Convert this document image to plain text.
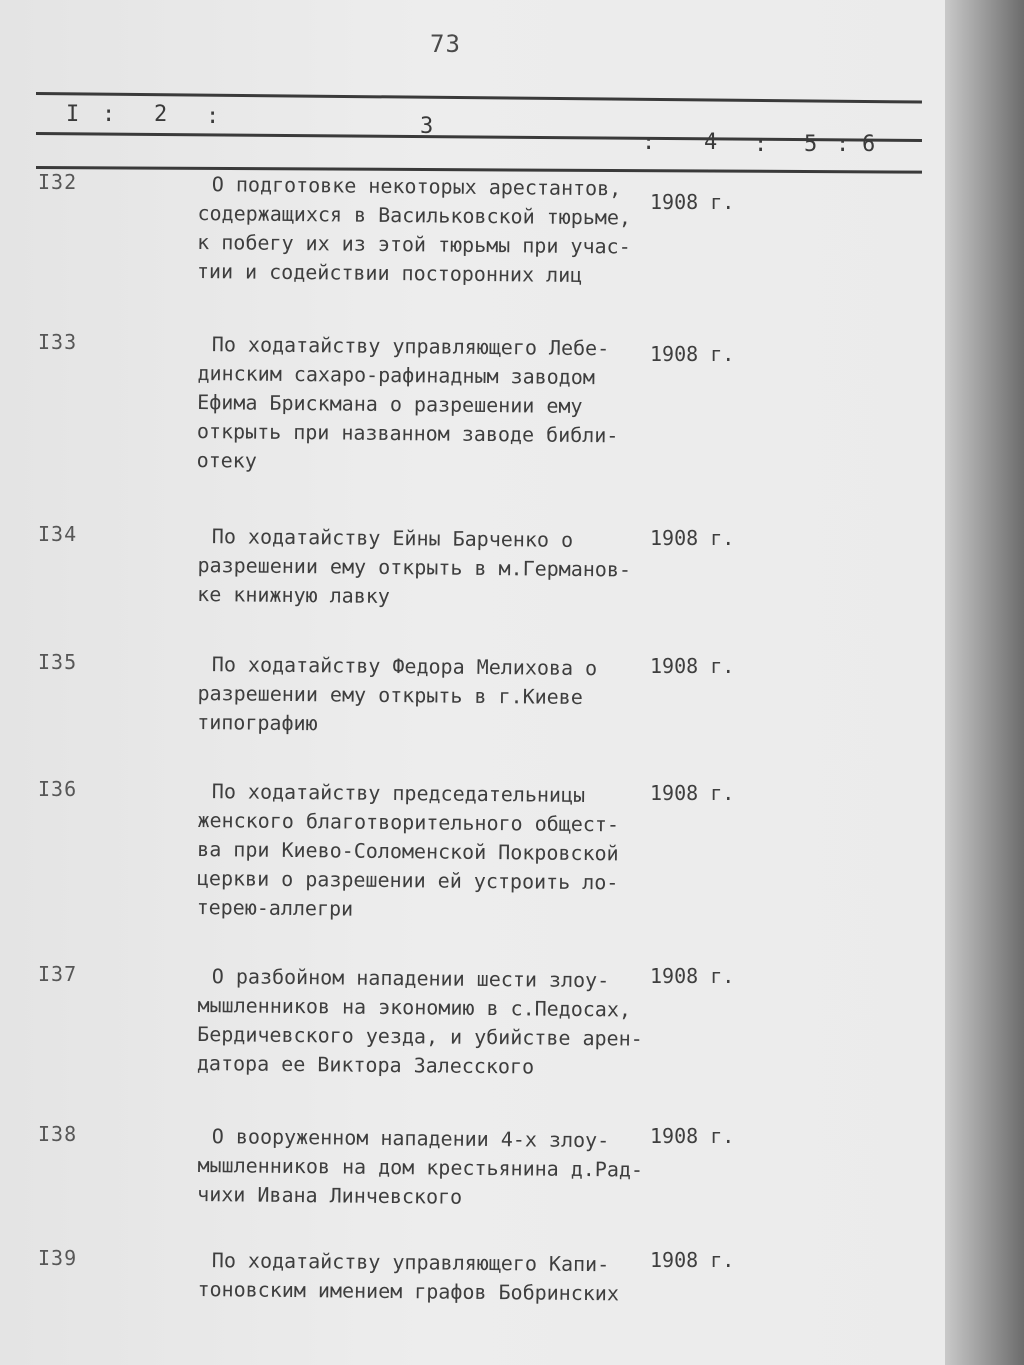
73
I : 2 :	3
: 4 : 5 : 6
I32	О подготовке некоторых арестантов,
содержащихся в Васильковской тюрьме,
к побегу их из этой тюрьмы при учас-
тии и содействии посторонних лиц
1908 г.
I33	По ходатайству управляющего Лебе-
динским сахаро-рафинадным заводом
Ефима Брискмана о разрешении ему
открыть при названном заводе библи-
отеку
1908 г.
I34	По ходатайству Ейны Барченко о
разрешении ему открыть в м.Германов-
ке книжную лавку
1908 г.
I35	По ходатайству Федора Мелихова о
разрешении ему открыть в г.Киеве
типографию
1908 г.
I36	По ходатайству председательницы
женского благотворительного общест-
ва при Киево-Соломенской Покровской
церкви о разрешении ей устроить ло-
терею-аллегри
1908 г.
I37	О разбойном нападении шести злоу-
мышленников на экономию в с.Педосах,
Бердичевского уезда, и убийстве арен-
датора ее Виктора Залесского
1908 г.
I38	О вооруженном нападении 4-х злоу-
мышленников на дом крестьянина д.Рад-
чихи Ивана Линчевского
1908 г.
I39	По ходатайству управляющего Капи-
тоновским имением графов Бобринских
1908 г.
